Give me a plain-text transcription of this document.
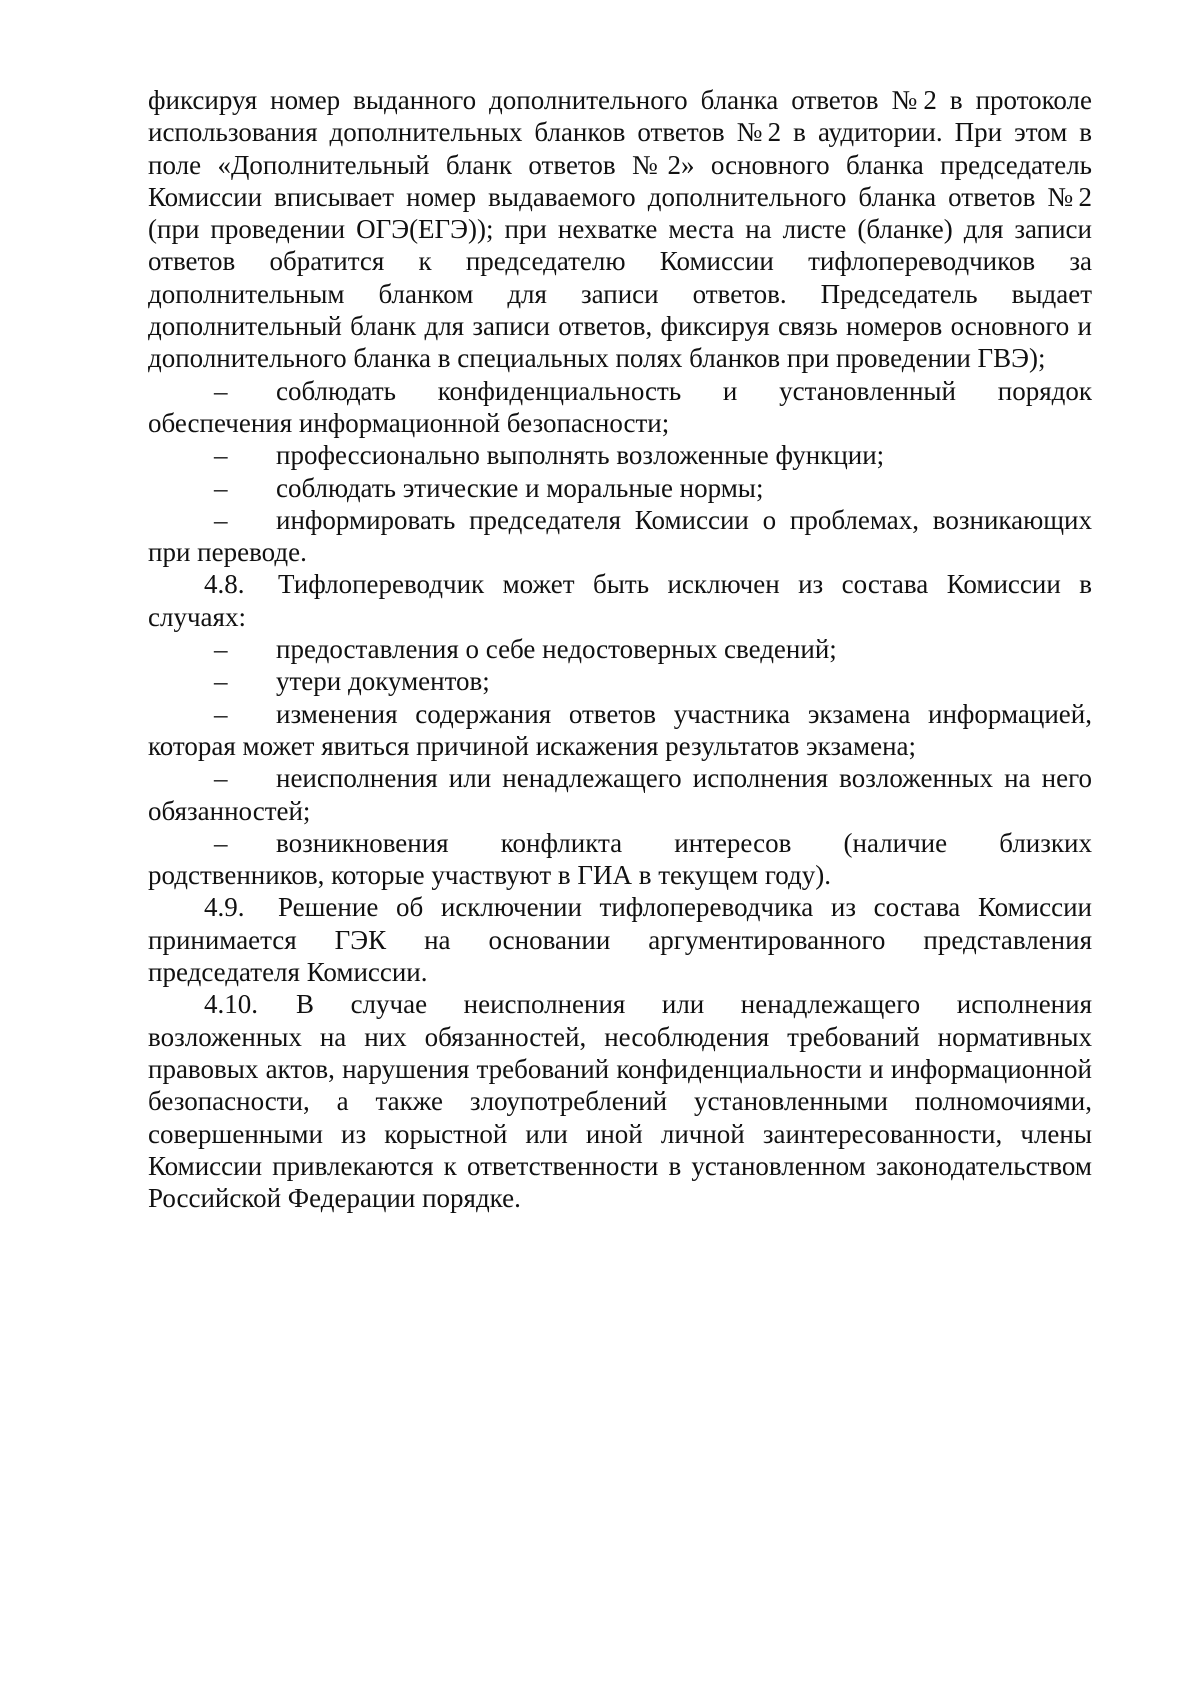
фиксируя номер выданного дополнительного бланка ответов №2 в протоколе использования дополнительных бланков ответов №2 в аудитории. При этом в поле «Дополнительный бланк ответов №2» основного бланка председатель Комиссии вписывает номер выдаваемого дополнительного бланка ответов №2 (при проведении ОГЭ(ЕГЭ)); при нехватке места на листе (бланке) для записи ответов обратится к председателю Комиссии тифлопереводчиков за дополнительным бланком для записи ответов. Председатель выдает дополнительный бланк для записи ответов, фиксируя связь номеров основного и дополнительного бланка в специальных полях бланков при проведении ГВЭ);

– соблюдать конфиденциальность и установленный порядок обеспечения информационной безопасности;

– профессионально выполнять возложенные функции;

– соблюдать этические и моральные нормы;

– информировать председателя Комиссии о проблемах, возникающих при переводе.

4.8. Тифлопереводчик может быть исключен из состава Комиссии в случаях:

– предоставления о себе недостоверных сведений;

– утери документов;

– изменения содержания ответов участника экзамена информацией, которая может явиться причиной искажения результатов экзамена;

– неисполнения или ненадлежащего исполнения возложенных на него обязанностей;

– возникновения конфликта интересов (наличие близких родственников, которые участвуют в ГИА в текущем году).

4.9. Решение об исключении тифлопереводчика из состава Комиссии принимается ГЭК на основании аргументированного представления председателя Комиссии.

4.10. В случае неисполнения или ненадлежащего исполнения возложенных на них обязанностей, несоблюдения требований нормативных правовых актов, нарушения требований конфиденциальности и информационной безопасности, а также злоупотреблений установленными полномочиями, совершенными из корыстной или иной личной заинтересованности, члены Комиссии привлекаются к ответственности в установленном законодательством Российской Федерации порядке.
